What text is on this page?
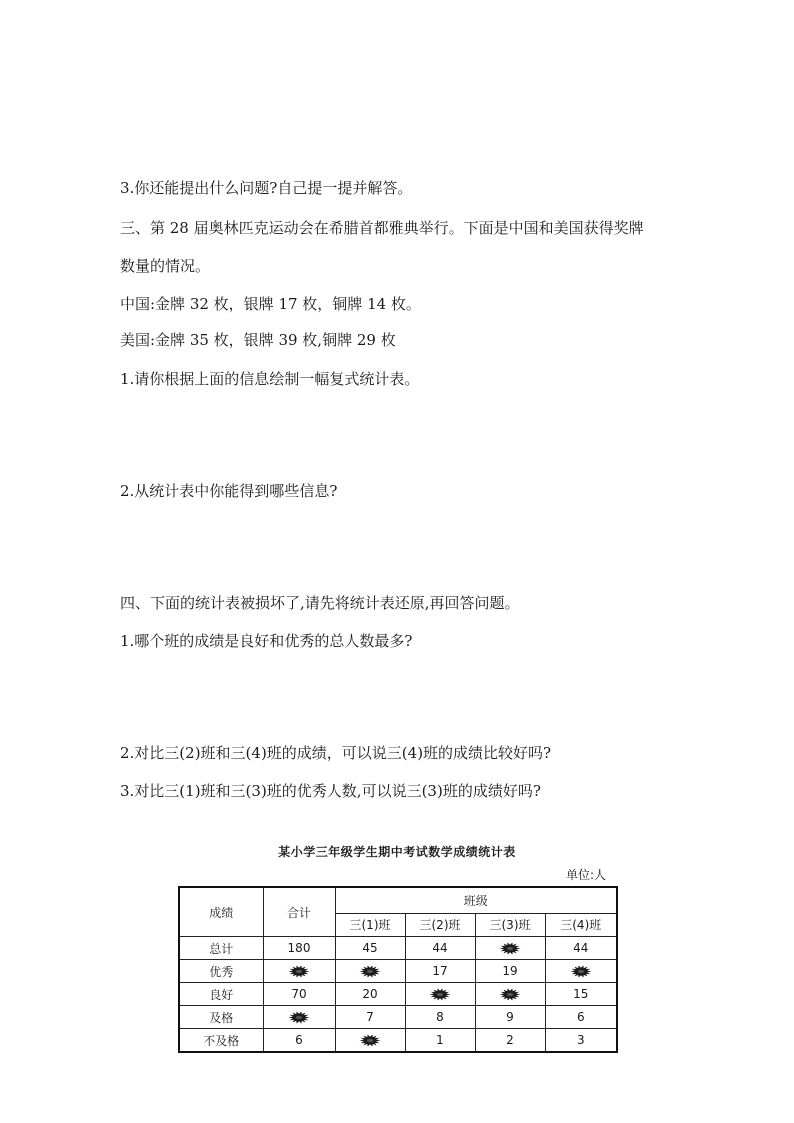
3.你还能提出什么问题?自己提一提并解答。
三、第 28 届奥林匹克运动会在希腊首都雅典举行。下面是中国和美国获得奖牌
数量的情况。
中国:金牌 32 枚，银牌 17 枚，铜牌 14 枚。
美国:金牌 35 枚，银牌 39 枚,铜牌 29 枚
1.请你根据上面的信息绘制一幅复式统计表。
2.从统计表中你能得到哪些信息?
四、下面的统计表被损坏了,请先将统计表还原,再回答问题。
1.哪个班的成绩是良好和优秀的总人数最多?
2.对比三(2)班和三(4)班的成绩，可以说三(4)班的成绩比较好吗?
3.对比三(1)班和三(3)班的优秀人数,可以说三(3)班的成绩好吗?
某小学三年级学生期中考试数学成绩统计表
单位:人
成绩	合计	班级			
		三(1)班	三(2)班	三(3)班	三(4)班
总计	180	45	44		44
优秀			17	19	

良好	70	20			15
及格		7	8	9	6
不及格	6		1	2	3
